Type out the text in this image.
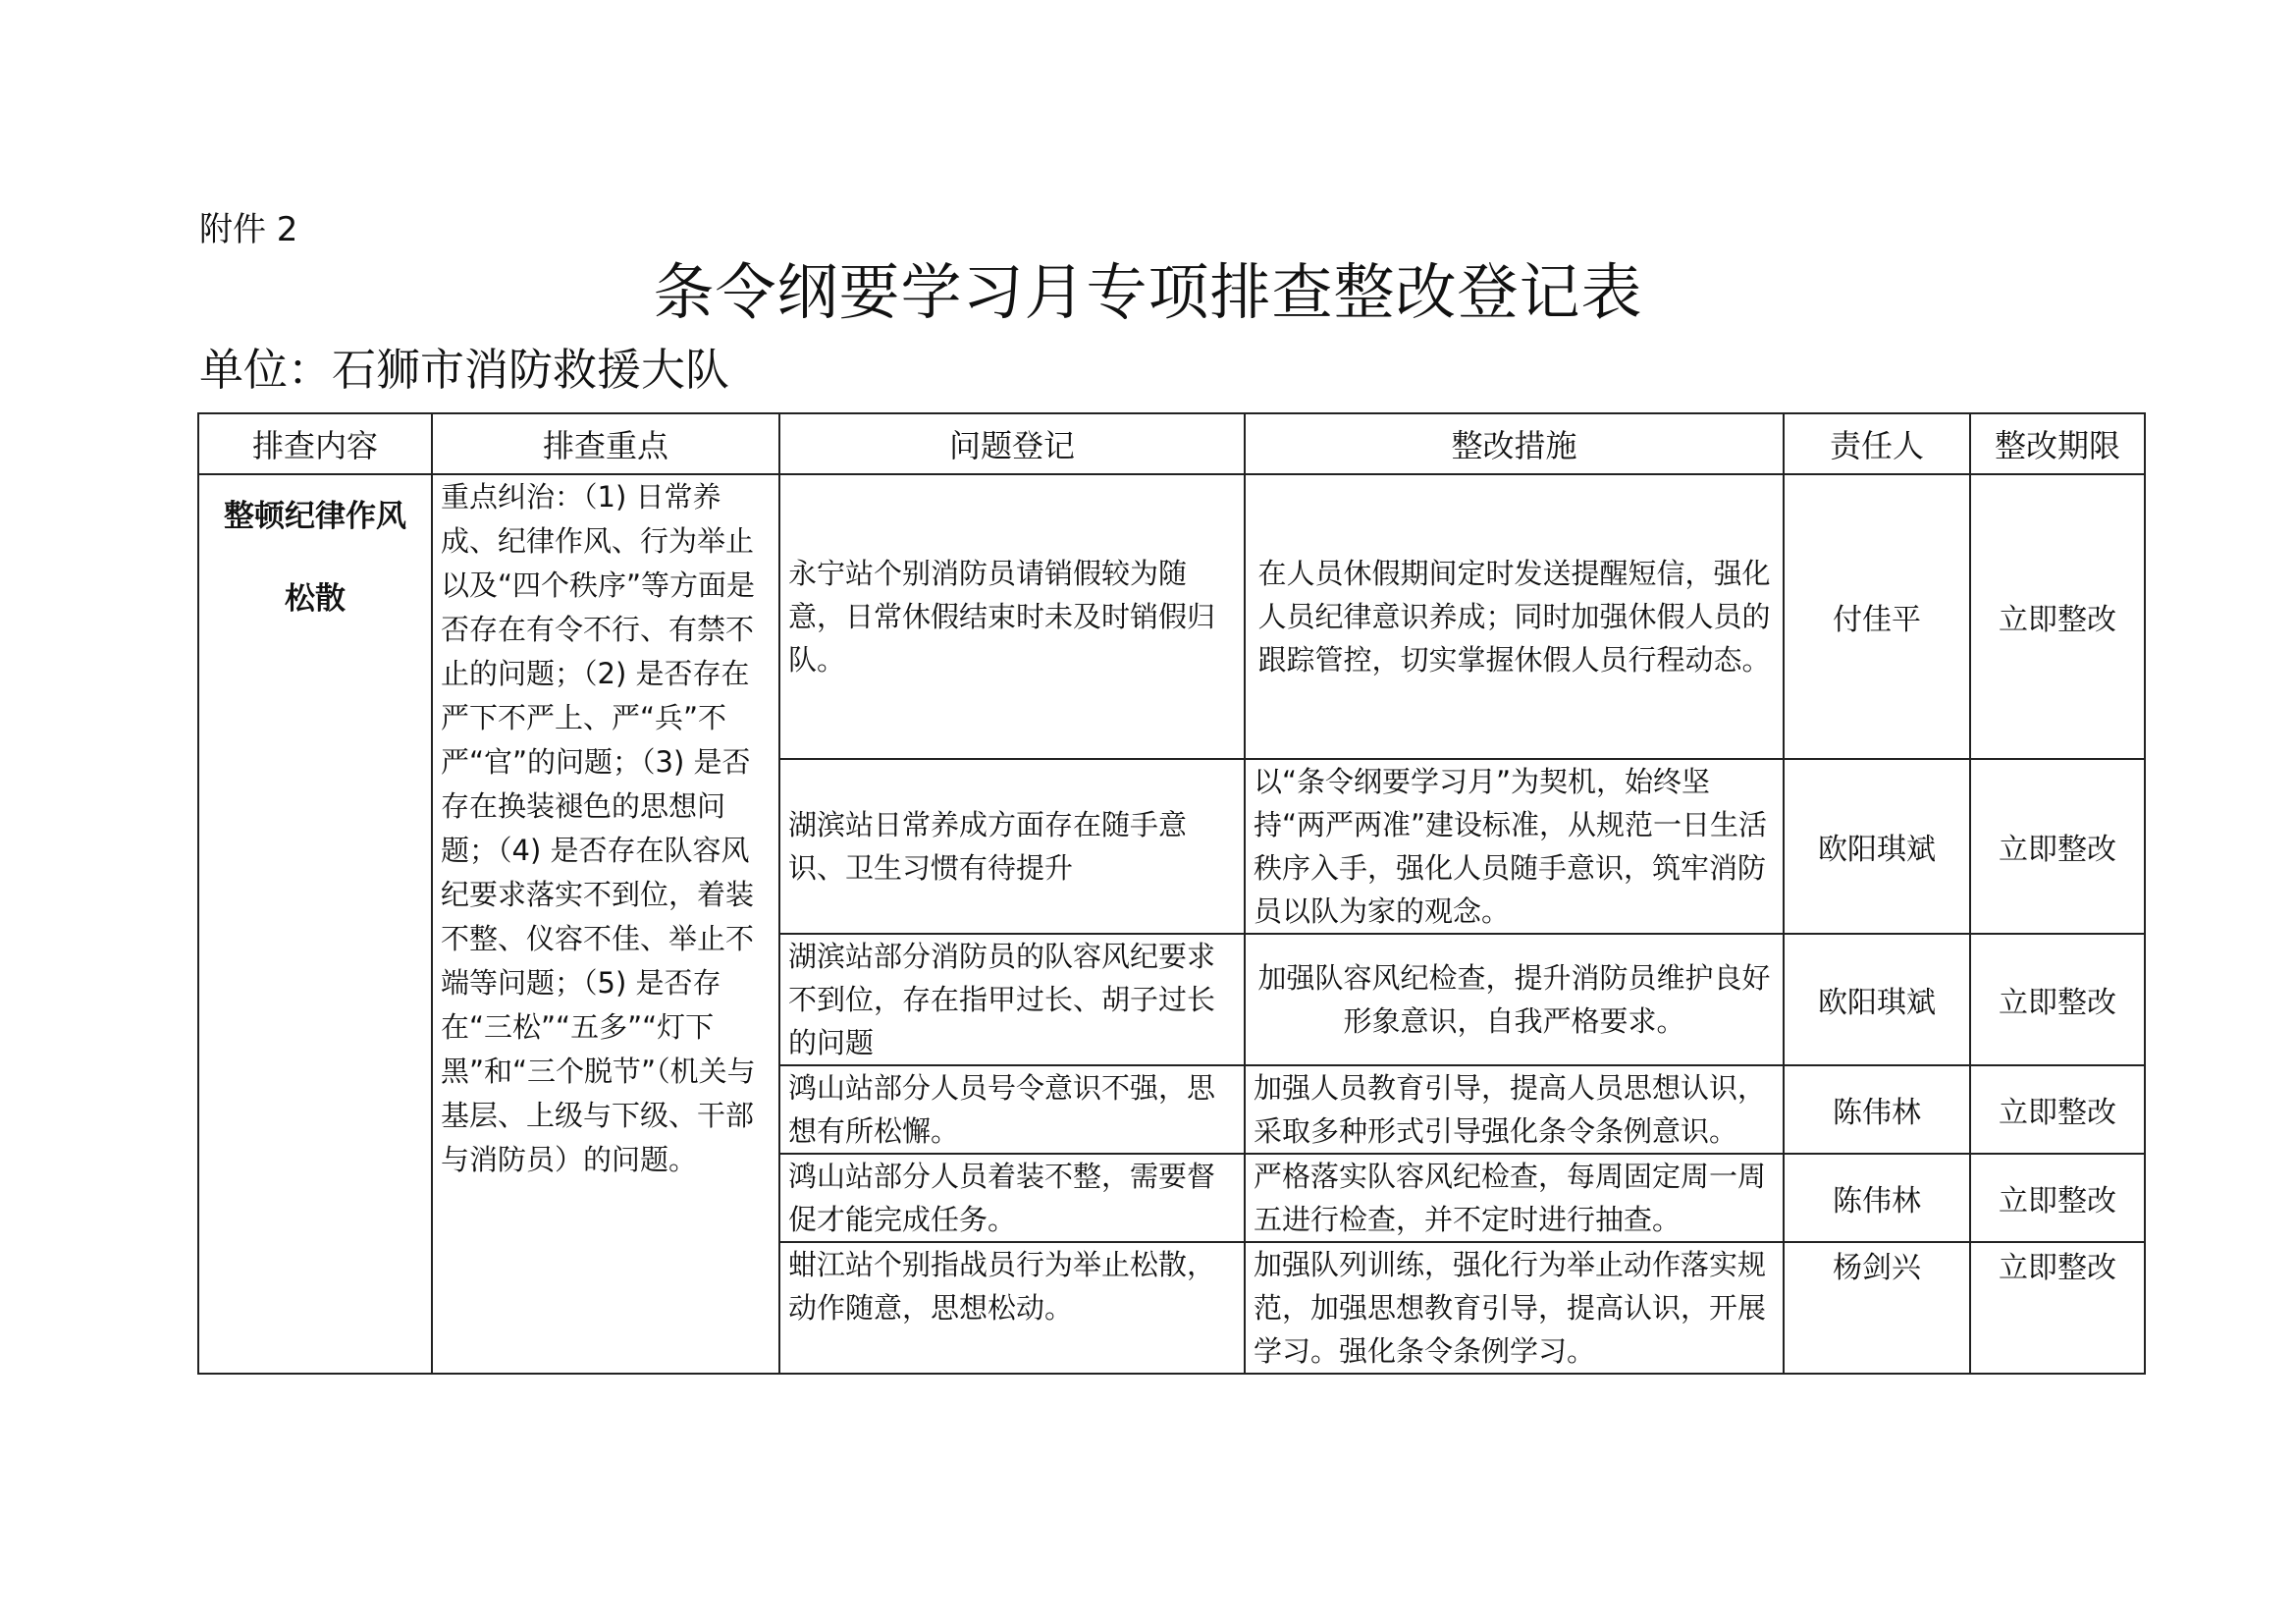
附件 2
条令纲要学习月专项排查整改登记表
单位：石狮市消防救援大队
排查内容	排查重点	问题登记	整改措施	责任人	整改期限

整顿纪律作风
松散	重点纠治：（1) 日常养成、纪律作风、行为举止以及“四个秩序”等方面是否存在有令不行、有禁不止的问题；（2) 是否存在严下不严上、严“兵”不严“官”的问题；（3) 是否存在换装褪色的思想问题；（4) 是否存在队容风纪要求落实不到位，着装不整、仪容不佳、举止不端等问题；（5) 是否存在“三松”“五多”“灯下黑”和“三个脱节”（机关与基层、上级与下级、干部与消防员）的问题。	永宁站个别消防员请销假较为随意，日常休假结束时未及时销假归队。	在人员休假期间定时发送提醒短信，强化人员纪律意识养成；同时加强休假人员的跟踪管控，切实掌握休假人员行程动态。	付佳平	立即整改
		湖滨站日常养成方面存在随手意识、卫生习惯有待提升	以“条令纲要学习月”为契机，始终坚持“两严两准”建设标准，从规范一日生活秩序入手，强化人员随手意识，筑牢消防员以队为家的观念。	欧阳琪斌	立即整改
		湖滨站部分消防员的队容风纪要求不到位，存在指甲过长、胡子过长的问题	加强队容风纪检查，提升消防员维护良好形象意识，自我严格要求。	欧阳琪斌	立即整改
		鸿山站部分人员号令意识不强，思想有所松懈。	加强人员教育引导，提高人员思想认识，采取多种形式引导强化条令条例意识。	陈伟林	立即整改
		鸿山站部分人员着装不整，需要督促才能完成任务。	严格落实队容风纪检查，每周固定周一周五进行检查，并不定时进行抽查。	陈伟林	立即整改
		蚶江站个别指战员行为举止松散，动作随意，思想松动。	加强队列训练，强化行为举止动作落实规范，加强思想教育引导，提高认识，开展学习。强化条令条例学习。	杨剑兴	立即整改
